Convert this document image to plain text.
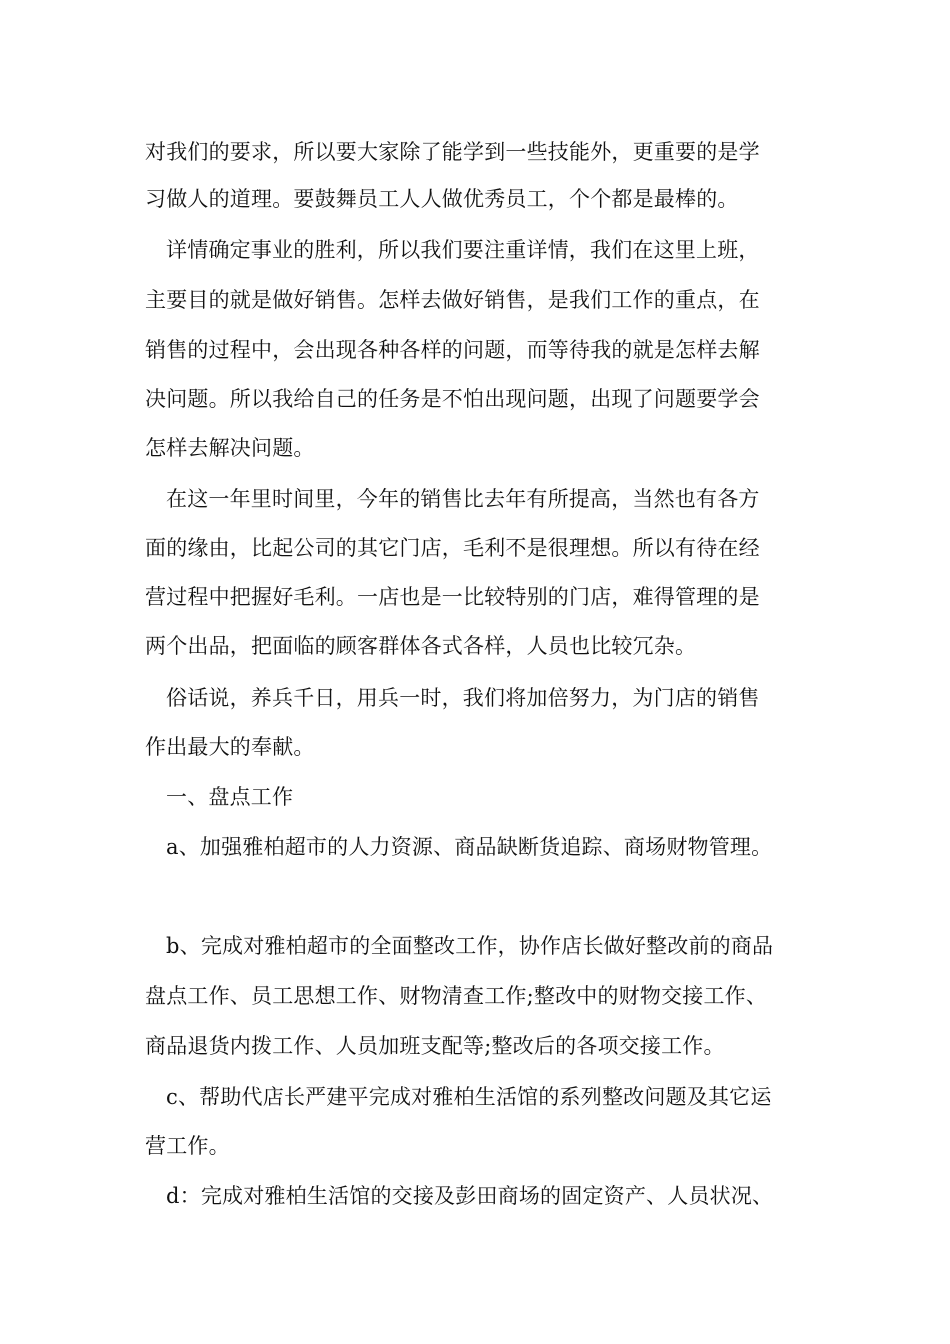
对我们的要求，所以要大家除了能学到一些技能外，更重要的是学
习做人的道理。要鼓舞员工人人做优秀员工，个个都是最棒的。
详情确定事业的胜利，所以我们要注重详情，我们在这里上班，
主要目的就是做好销售。怎样去做好销售，是我们工作的重点，在
销售的过程中，会出现各种各样的问题，而等待我的就是怎样去解
决问题。所以我给自己的任务是不怕出现问题，出现了问题要学会
怎样去解决问题。
在这一年里时间里，今年的销售比去年有所提高，当然也有各方
面的缘由，比起公司的其它门店，毛利不是很理想。所以有待在经
营过程中把握好毛利。一店也是一比较特别的门店，难得管理的是
两个出品，把面临的顾客群体各式各样，人员也比较冗杂。
俗话说，养兵千日，用兵一时，我们将加倍努力，为门店的销售
作出最大的奉献。
一、盘点工作
a、加强雅柏超市的人力资源、商品缺断货追踪、商场财物管理。
b、完成对雅柏超市的全面整改工作，协作店长做好整改前的商品
盘点工作、员工思想工作、财物清查工作;整改中的财物交接工作、
商品退货内拨工作、人员加班支配等;整改后的各项交接工作。
c、帮助代店长严建平完成对雅柏生活馆的系列整改问题及其它运
营工作。
d：完成对雅柏生活馆的交接及彭田商场的固定资产、人员状况、
